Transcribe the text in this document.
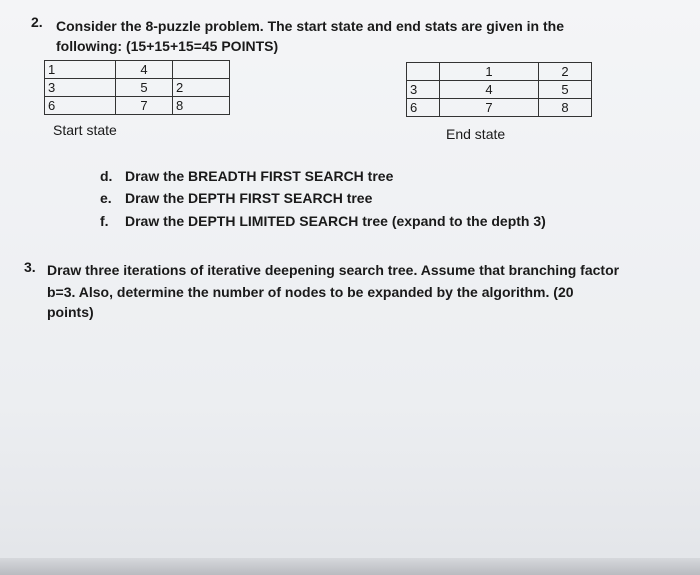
2. Consider the 8-puzzle problem. The start state and end stats are given in the
following: (15+15+15=45 POINTS)
1	4	
3	5	2
6	7	8
Start state
	1	2
3	4	5
6	7	8
End state
d. Draw the BREADTH FIRST SEARCH tree
e. Draw the DEPTH FIRST SEARCH tree
f. Draw the DEPTH LIMITED SEARCH tree (expand to the depth 3)
3. Draw three iterations of iterative deepening search tree. Assume that branching factor
b=3. Also, determine the number of nodes to be expanded by the algorithm. (20
points)
